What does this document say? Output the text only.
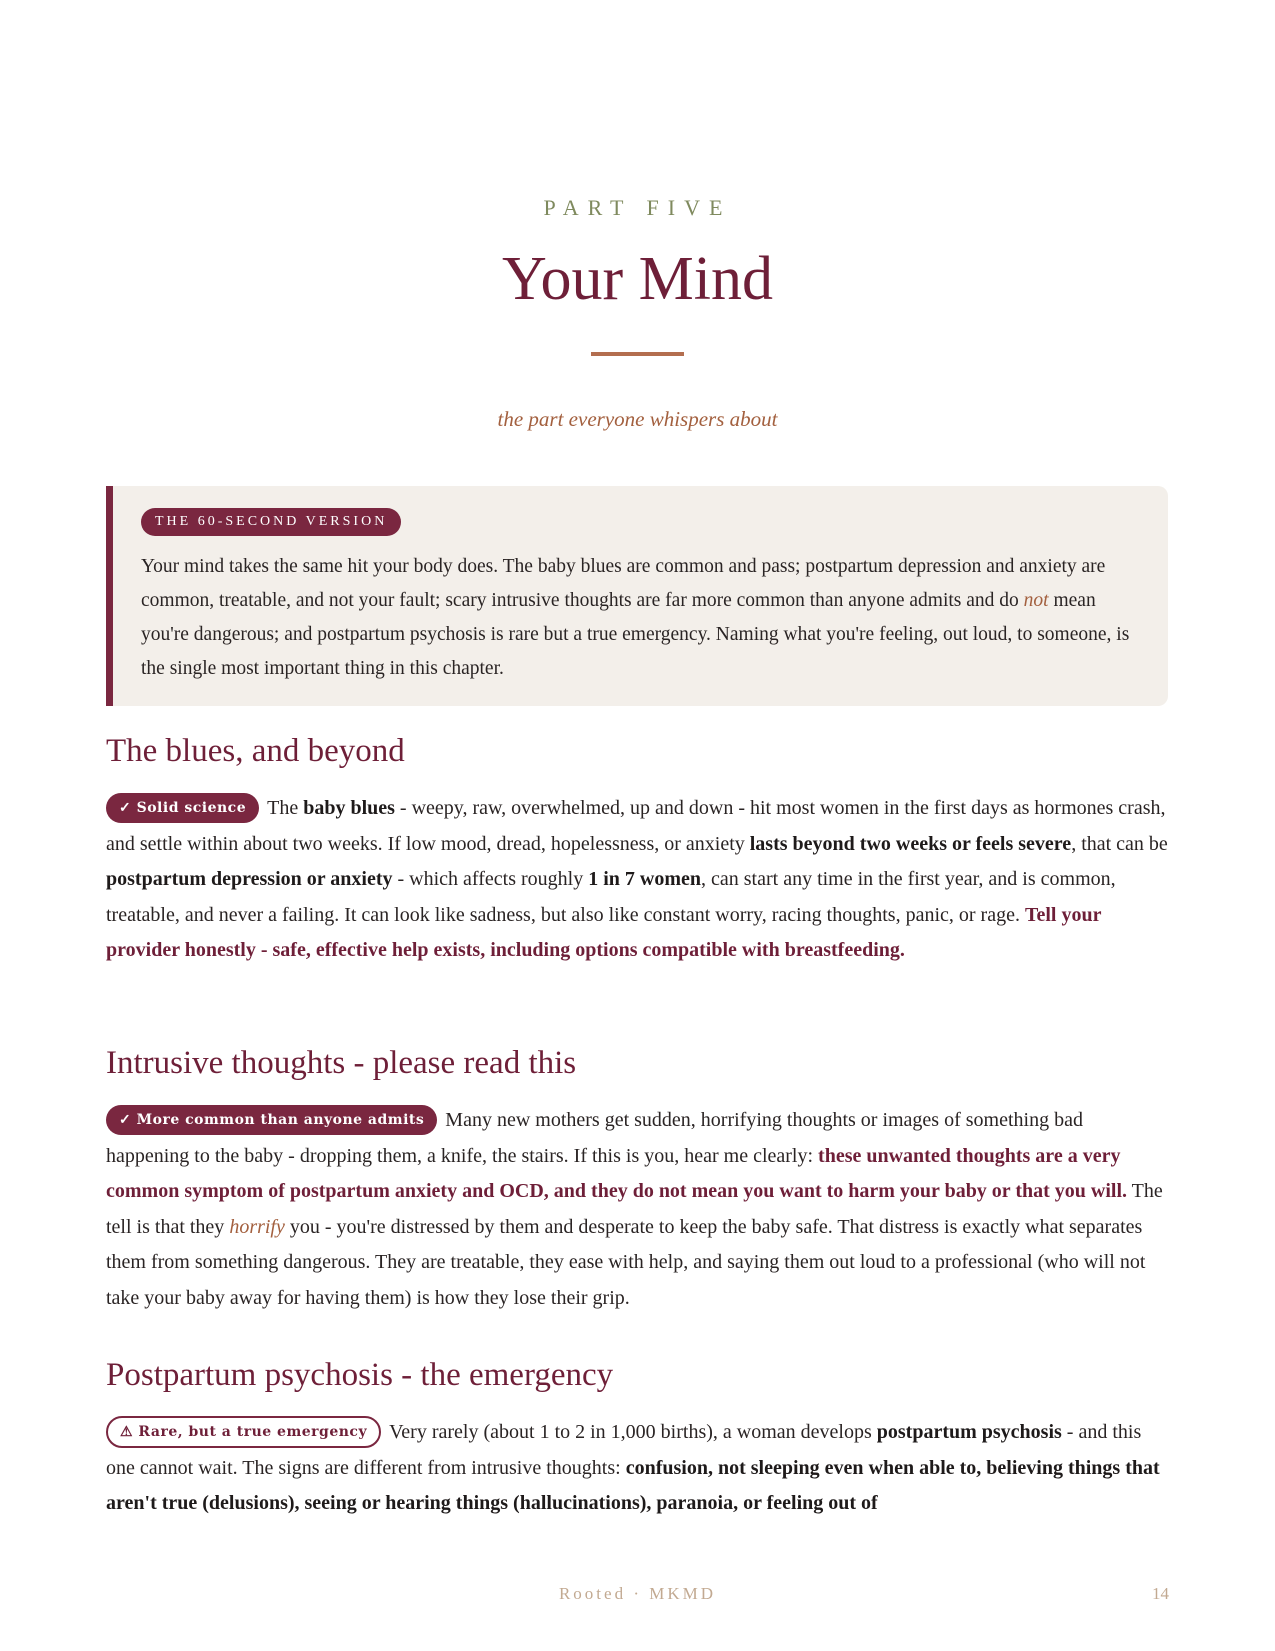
PART FIVE
Your Mind
the part everyone whispers about
THE 60-SECOND VERSION
Your mind takes the same hit your body does. The baby blues are common and pass; postpartum depression and anxiety are common, treatable, and not your fault; scary intrusive thoughts are far more common than anyone admits and do not mean you're dangerous; and postpartum psychosis is rare but a true emergency. Naming what you're feeling, out loud, to someone, is the single most important thing in this chapter.
The blues, and beyond

✓ Solid science The baby blues - weepy, raw, overwhelmed, up and down - hit most women in the first days as hormones crash, and settle within about two weeks. If low mood, dread, hopelessness, or anxiety lasts beyond two weeks or feels severe, that can be postpartum depression or anxiety - which affects roughly 1 in 7 women, can start any time in the first year, and is common, treatable, and never a failing. It can look like sadness, but also like constant worry, racing thoughts, panic, or rage. Tell your provider honestly - safe, effective help exists, including options compatible with breastfeeding.

Intrusive thoughts - please read this

✓ More common than anyone admits Many new mothers get sudden, horrifying thoughts or images of something bad happening to the baby - dropping them, a knife, the stairs. If this is you, hear me clearly: these unwanted thoughts are a very common symptom of postpartum anxiety and OCD, and they do not mean you want to harm your baby or that you will. The tell is that they horrify you - you're distressed by them and desperate to keep the baby safe. That distress is exactly what separates them from something dangerous. They are treatable, they ease with help, and saying them out loud to a professional (who will not take your baby away for having them) is how they lose their grip.

Postpartum psychosis - the emergency

⚠ Rare, but a true emergency Very rarely (about 1 to 2 in 1,000 births), a woman develops postpartum psychosis - and this one cannot wait. The signs are different from intrusive thoughts: confusion, not sleeping even when able to, believing things that aren't true (delusions), seeing or hearing things (hallucinations), paranoia, or feeling out of

Rooted · MKMD	14
